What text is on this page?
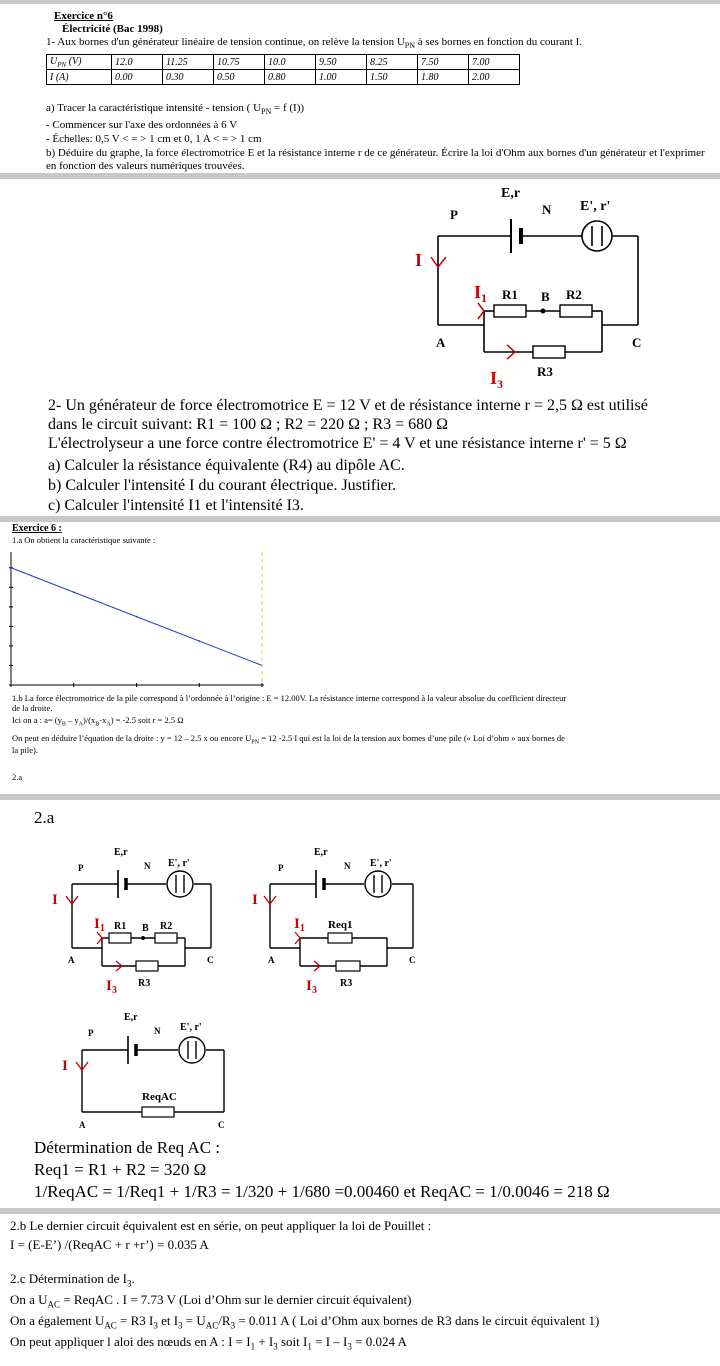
Exercice n°6
Électricité (Bac 1998)
1- Aux bornes d'un générateur linéaire de tension continue, on relève la tension $U_{PN}$ à ses bornes en fonction du courant I.
$U_{PN}$ (V)	12.0	11.25	10.75	10.0	9.50	8.25	7.50	7.00
I (A)	0.00	0.30	0.50	0.80	1.00	1.50	1.80	2.00
a) Tracer la caractéristique intensité - tension ( $U_{PN} = f$ (I))
- Commencer sur l'axe des ordonnées à 6 V
- Échelles: 0,5 V < = > 1 cm et 0, 1 A < = > 1 cm
b) Déduire du graphe, la force électromotrice E et la résistance interne r de ce générateur. Écrire la loi d'Ohm aux bornes d'un générateur et l'exprimer en fonction des valeurs numériques trouvées.
E,r
P	N E', r'
I
$I_1$ R1 B R2
A	C
$I_3$
R3
2- Un générateur de force électromotrice E = 12 V et de résistance interne r = 2,5 Ω est utilisé
dans le circuit suivant: R1 = 100 Ω ; R2 = 220 Ω ; R3 = 680 Ω
L'électrolyseur a une force contre électromotrice E' = 4 V et une résistance interne r' = 5 Ω
a) Calculer la résistance équivalente (R4) au dipôle AC.
b) Calculer l'intensité I du courant électrique. Justifier.
c) Calculer l'intensité I1 et l'intensité I3.
Exercice 6 :
1.a On obtient la caractéristique suivante :
1.b La force électromotrice de la pile correspond à l’ordonnée à l’origine : E = 12.00V. La résistance interne correspond à la valeur absolue du coefficient directeur
de la droite.
Ici on a : $a= (y_B - y_A)/(x_B-x_A) = -2.5$ soit r = 2.5 Ω
On peut en déduire l’équation de la droite : y = 12 – 2.5 x ou encore $U_{PN} = 12$ -2.5 I qui est la loi de la tension aux bornes d’une pile (« Loi d’ohm » aux bornes de
la pile).
2.a
2.a
E,r
P	N E', r'
I
$I_1$ R1 B R2
A	C
$I_3$
R3
E,r
P	N E', r'
I
$I_1$ Req1
A	C
$I_3$
R3
E,r
P	N E', r'
I
ReqAC
A	C
Détermination de Req AC :
Req1 = R1 + R2 = 320 Ω
1/ReqAC = 1/Req1 + 1/R3 = 1/320 + 1/680 =0.00460 et ReqAC = 1/0.0046 = 218 Ω
2.b Le dernier circuit équivalent est en série, on peut appliquer la loi de Pouillet :
I = (E-E’) /(ReqAC + r +r’) = 0.035 A
2.c Détermination de $I_3$.
On a $U_{AC}$ = ReqAC . I = 7.73 V (Loi d’Ohm sur le dernier circuit équivalent)
On a également $U_{AC} = R3$ $I_3$ et $I_3 = U_{AC}/R_3 = 0.011$ A ( Loi d’Ohm aux bornes de R3 dans le circuit équivalent 1)
On peut appliquer l aloi des nœuds en A : $I = I_1 + I_3$ soit $I_1 = I - I_3 = 0.024$ A
